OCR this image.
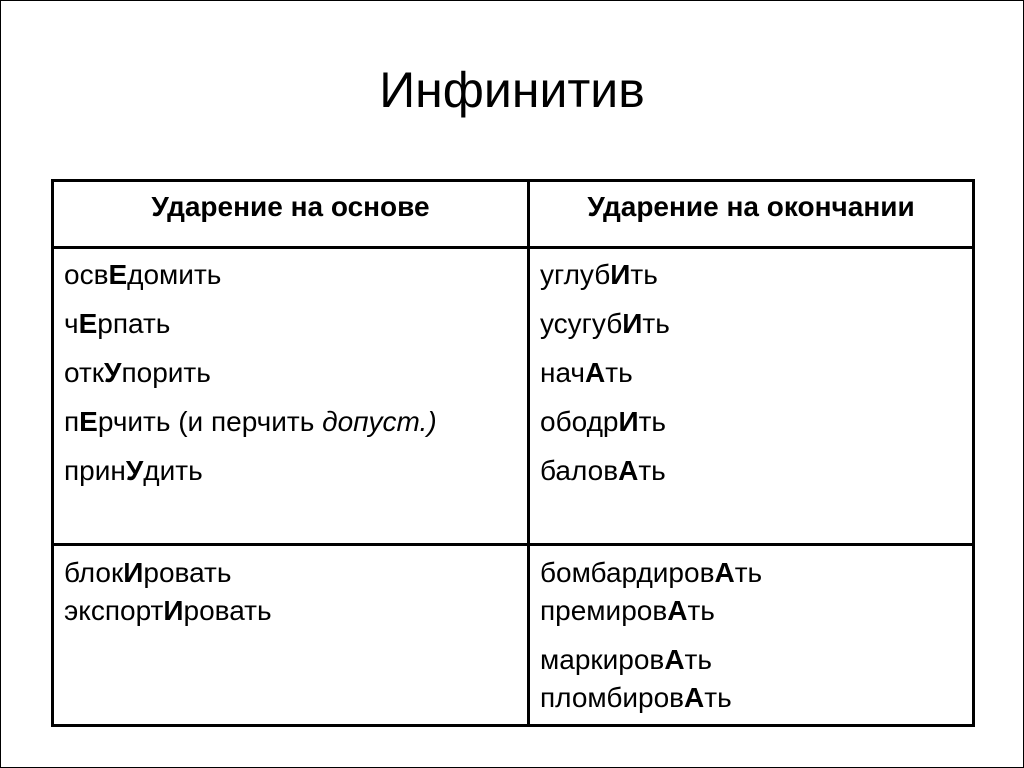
Инфинитив
Ударение на основе	Ударение на окончании
освЕдомить
чЕрпать
откУпорить
пЕрчить (и перчить допуст.)
принУдить
углубИть
усугубИть
начАть
ободрИть
баловАть
блокИровать
экспортИровать
бомбардировАть
премировАть
маркировАть
пломбировАть
